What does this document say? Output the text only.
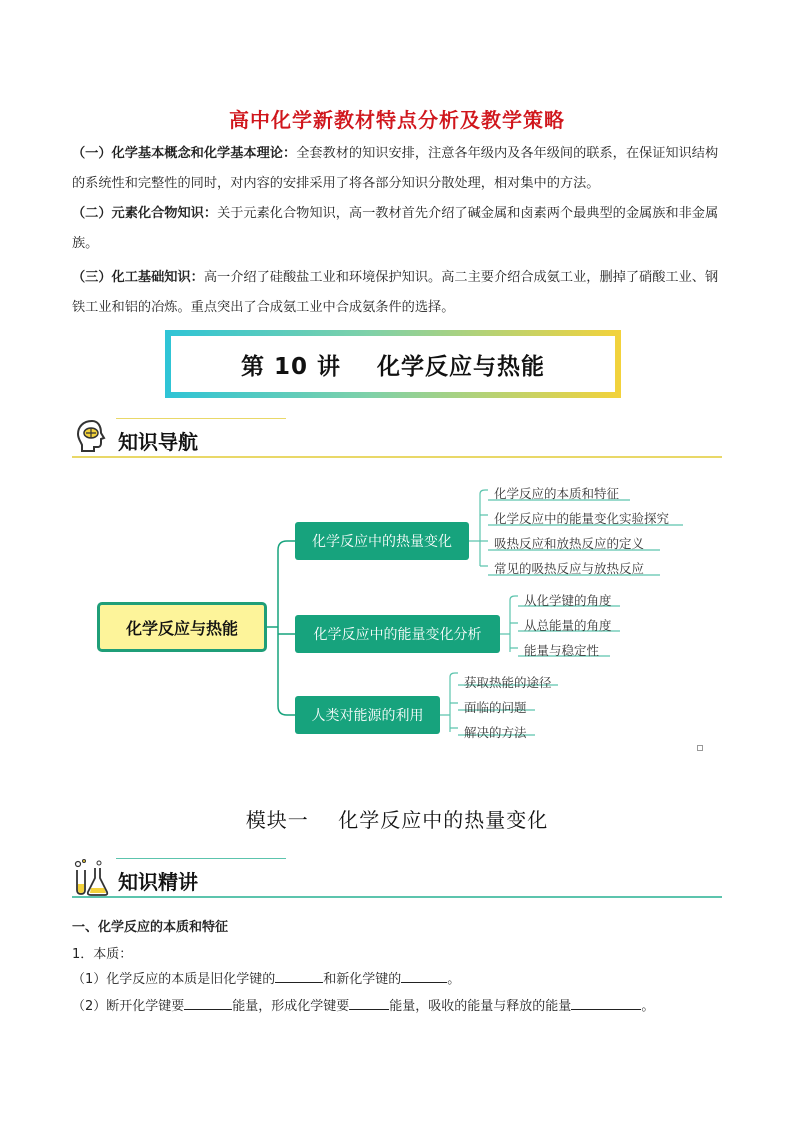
高中化学新教材特点分析及教学策略
（一）化学基本概念和化学基本理论：全套教材的知识安排，注意各年级内及各年级间的联系，在保证知识结构的系统性和完整性的同时，对内容的安排采用了将各部分知识分散处理，相对集中的方法。
（二）元素化合物知识：关于元素化合物知识，高一教材首先介绍了碱金属和卤素两个最典型的金属族和非金属族。
（三）化工基础知识：高一介绍了硅酸盐工业和环境保护知识。高二主要介绍合成氨工业，删掉了硝酸工业、钢铁工业和铝的冶炼。重点突出了合成氨工业中合成氨条件的选择。
第 10 讲    化学反应与热能
知识导航
化学反应与热能
化学反应中的热量变化
化学反应中的能量变化分析
人类对能源的利用
化学反应的本质和特征
化学反应中的能量变化实验探究
吸热反应和放热反应的定义
常见的吸热反应与放热反应
从化学键的角度
从总能量的角度
能量与稳定性
获取热能的途径
面临的问题
解决的方法
模块一    化学反应中的热量变化
知识精讲
一、化学反应的本质和特征
1．本质：
（1）化学反应的本质是旧化学键的	和新化学键的	。
（2）断开化学键要	能量，形成化学键要	能量，吸收的能量与释放的能量	。
